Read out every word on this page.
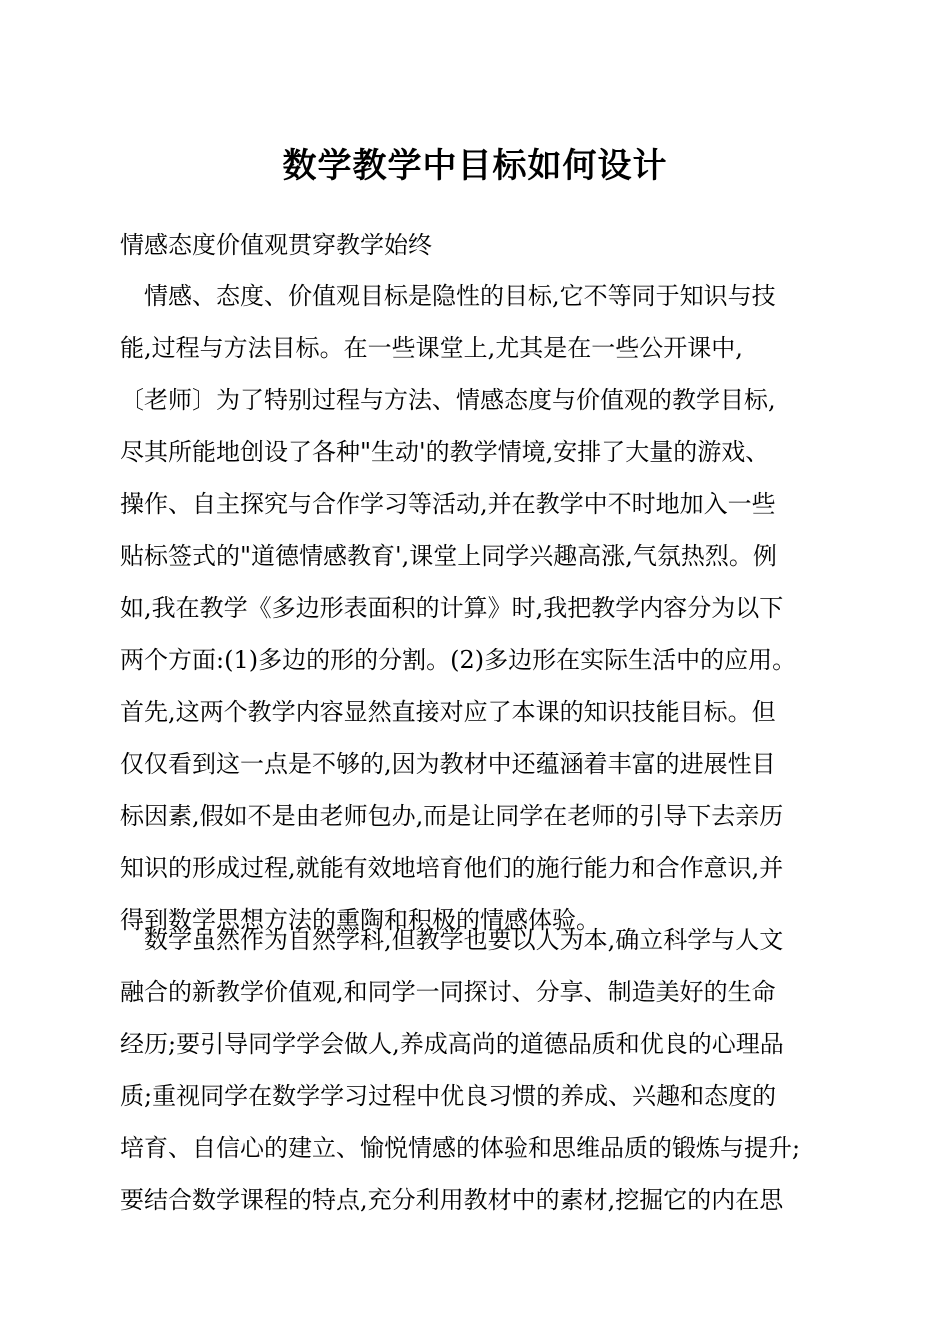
数学教学中目标如何设计
情感态度价值观贯穿教学始终
　情感、态度、价值观目标是隐性的目标,它不等同于知识与技
能,过程与方法目标。在一些课堂上,尤其是在一些公开课中,
〔老师〕为了特别过程与方法、情感态度与价值观的教学目标,
尽其所能地创设了各种"生动'的教学情境,安排了大量的游戏、
操作、自主探究与合作学习等活动,并在教学中不时地加入一些
贴标签式的"道德情感教育',课堂上同学兴趣高涨,气氛热烈。例
如,我在教学《多边形表面积的计算》时,我把教学内容分为以下
两个方面:(1)多边的形的分割。(2)多边形在实际生活中的应用。
首先,这两个教学内容显然直接对应了本课的知识技能目标。但
仅仅看到这一点是不够的,因为教材中还蕴涵着丰富的进展性目
标因素,假如不是由老师包办,而是让同学在老师的引导下去亲历
知识的形成过程,就能有效地培育他们的施行能力和合作意识,并
得到数学思想方法的熏陶和积极的情感体验。
　数学虽然作为自然学科,但教学也要以人为本,确立科学与人文
融合的新教学价值观,和同学一同探讨、分享、制造美好的生命
经历;要引导同学学会做人,养成高尚的道德品质和优良的心理品
质;重视同学在数学学习过程中优良习惯的养成、兴趣和态度的
培育、自信心的建立、愉悦情感的体验和思维品质的锻炼与提升;
要结合数学课程的特点,充分利用教材中的素材,挖掘它的内在思
